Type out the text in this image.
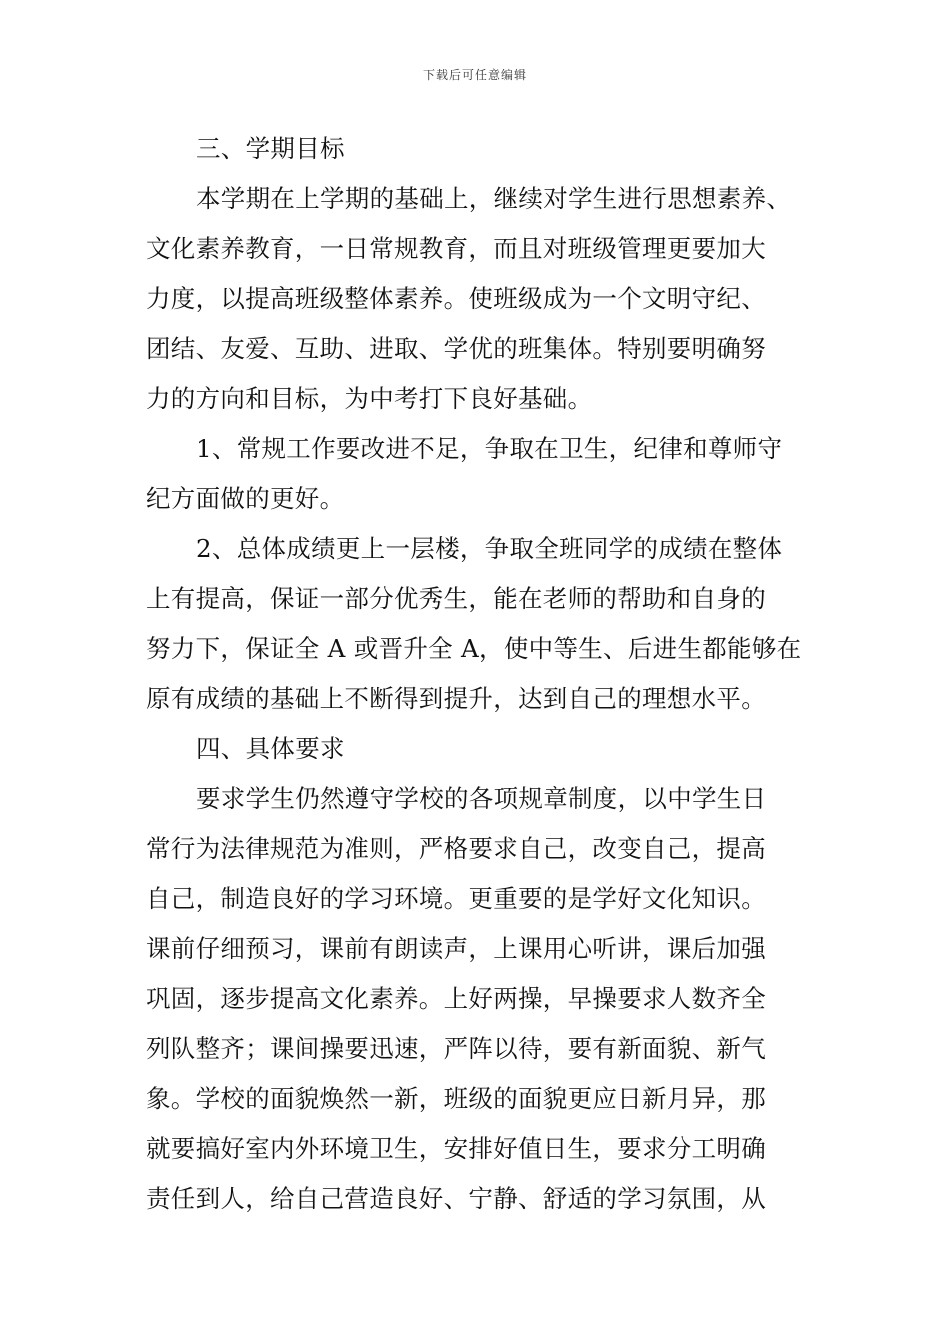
下载后可任意编辑
三、学期目标
本学期在上学期的基础上，继续对学生进行思想素养、
文化素养教育，一日常规教育，而且对班级管理更要加大
力度，以提高班级整体素养。使班级成为一个文明守纪、
团结、友爱、互助、进取、学优的班集体。特别要明确努
力的方向和目标，为中考打下良好基础。
1、常规工作要改进不足，争取在卫生，纪律和尊师守
纪方面做的更好。
2、总体成绩更上一层楼，争取全班同学的成绩在整体
上有提高，保证一部分优秀生，能在老师的帮助和自身的
努力下，保证全 A 或晋升全 A，使中等生、后进生都能够在
原有成绩的基础上不断得到提升，达到自己的理想水平。
四、具体要求
要求学生仍然遵守学校的各项规章制度，以中学生日
常行为法律规范为准则，严格要求自己，改变自己，提高
自己，制造良好的学习环境。更重要的是学好文化知识。
课前仔细预习，课前有朗读声，上课用心听讲，课后加强
巩固，逐步提高文化素养。上好两操，早操要求人数齐全
列队整齐；课间操要迅速，严阵以待，要有新面貌、新气
象。学校的面貌焕然一新，班级的面貌更应日新月异，那
就要搞好室内外环境卫生，安排好值日生，要求分工明确
责任到人，给自己营造良好、宁静、舒适的学习氛围，从
